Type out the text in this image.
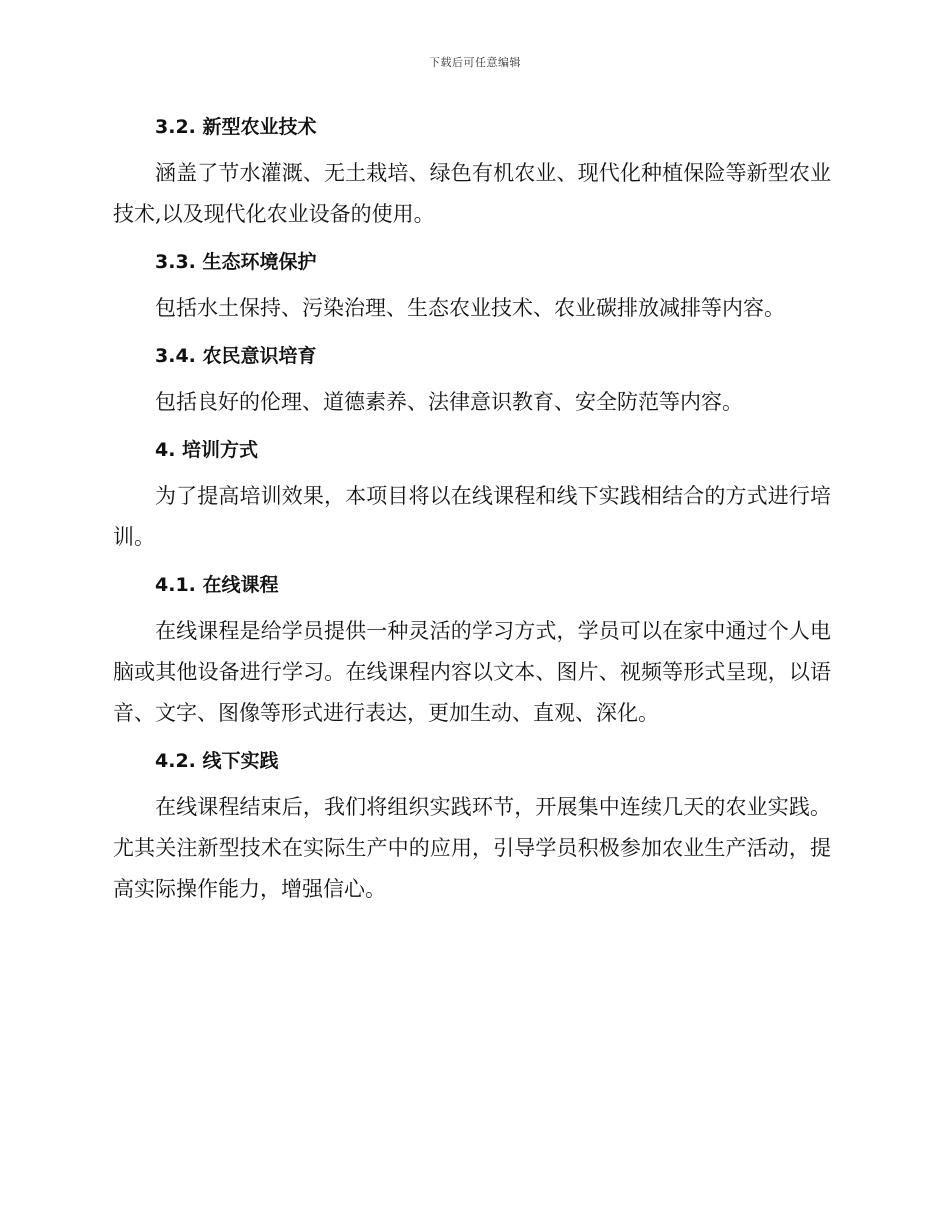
下载后可任意编辑
3.2. 新型农业技术
涵盖了节水灌溉、无土栽培、绿色有机农业、现代化种植保险等新型农业技术,以及现代化农业设备的使用。
3.3. 生态环境保护
包括水土保持、污染治理、生态农业技术、农业碳排放减排等内容。
3.4. 农民意识培育
包括良好的伦理、道德素养、法律意识教育、安全防范等内容。
4. 培训方式
为了提高培训效果，本项目将以在线课程和线下实践相结合的方式进行培训。
4.1. 在线课程
在线课程是给学员提供一种灵活的学习方式，学员可以在家中通过个人电脑或其他设备进行学习。在线课程内容以文本、图片、视频等形式呈现，以语音、文字、图像等形式进行表达，更加生动、直观、深化。
4.2. 线下实践
在线课程结束后，我们将组织实践环节，开展集中连续几天的农业实践。尤其关注新型技术在实际生产中的应用，引导学员积极参加农业生产活动，提高实际操作能力，增强信心。
